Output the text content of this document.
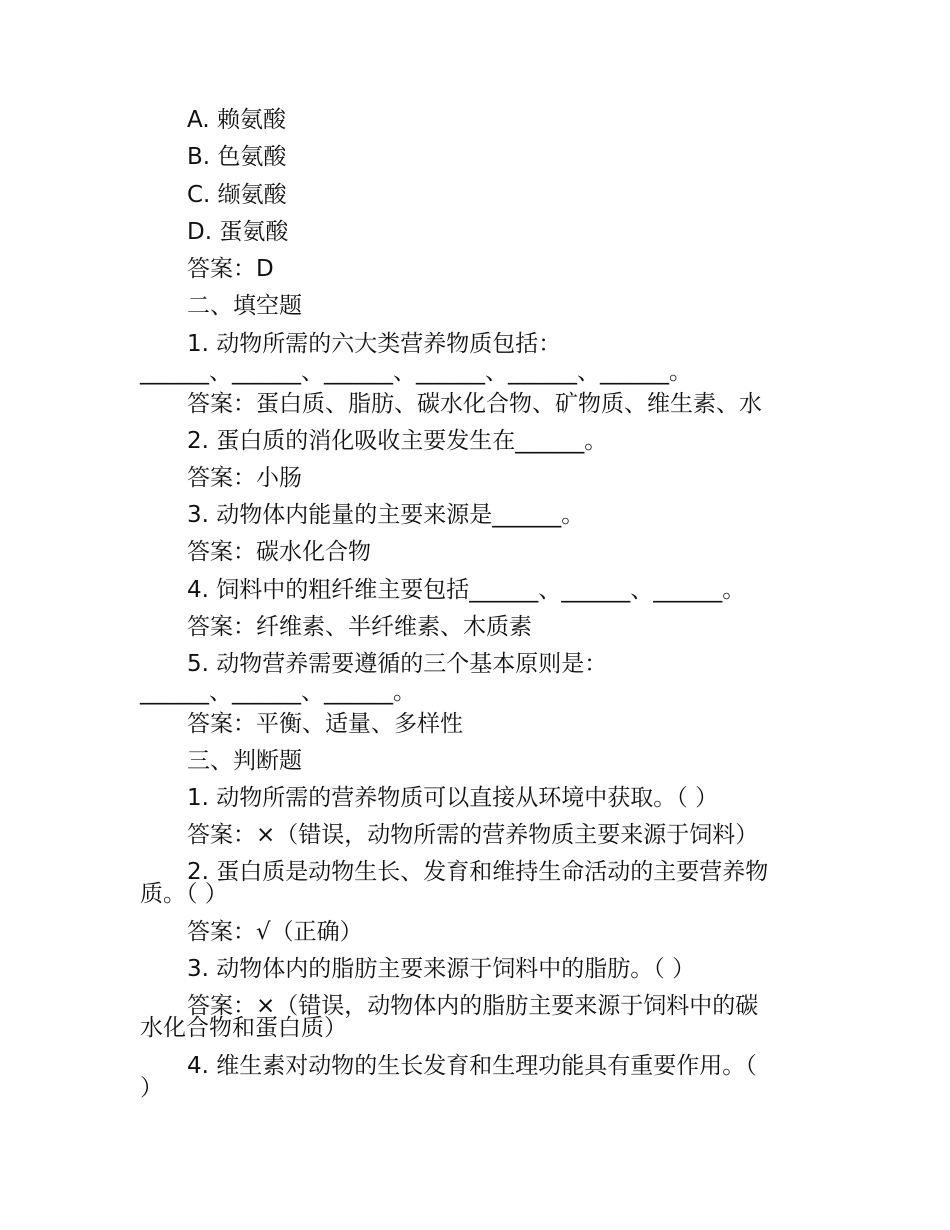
A. 赖氨酸
B. 色氨酸
C. 缬氨酸
D. 蛋氨酸
答案：D
二、填空题
1. 动物所需的六大类营养物质包括：
______、______、______、______、______、______。
答案：蛋白质、脂肪、碳水化合物、矿物质、维生素、水
2. 蛋白质的消化吸收主要发生在______。
答案：小肠
3. 动物体内能量的主要来源是______。
答案：碳水化合物
4. 饲料中的粗纤维主要包括______、______、______。
答案：纤维素、半纤维素、木质素
5. 动物营养需要遵循的三个基本原则是：
______、______、______。
答案：平衡、适量、多样性
三、判断题
1. 动物所需的营养物质可以直接从环境中获取。（ ）
答案：×（错误，动物所需的营养物质主要来源于饲料）
2. 蛋白质是动物生长、发育和维持生命活动的主要营养物
质。（ ）
答案：√（正确）
3. 动物体内的脂肪主要来源于饲料中的脂肪。（ ）
答案：×（错误，动物体内的脂肪主要来源于饲料中的碳
水化合物和蛋白质）
4. 维生素对动物的生长发育和生理功能具有重要作用。（
）
